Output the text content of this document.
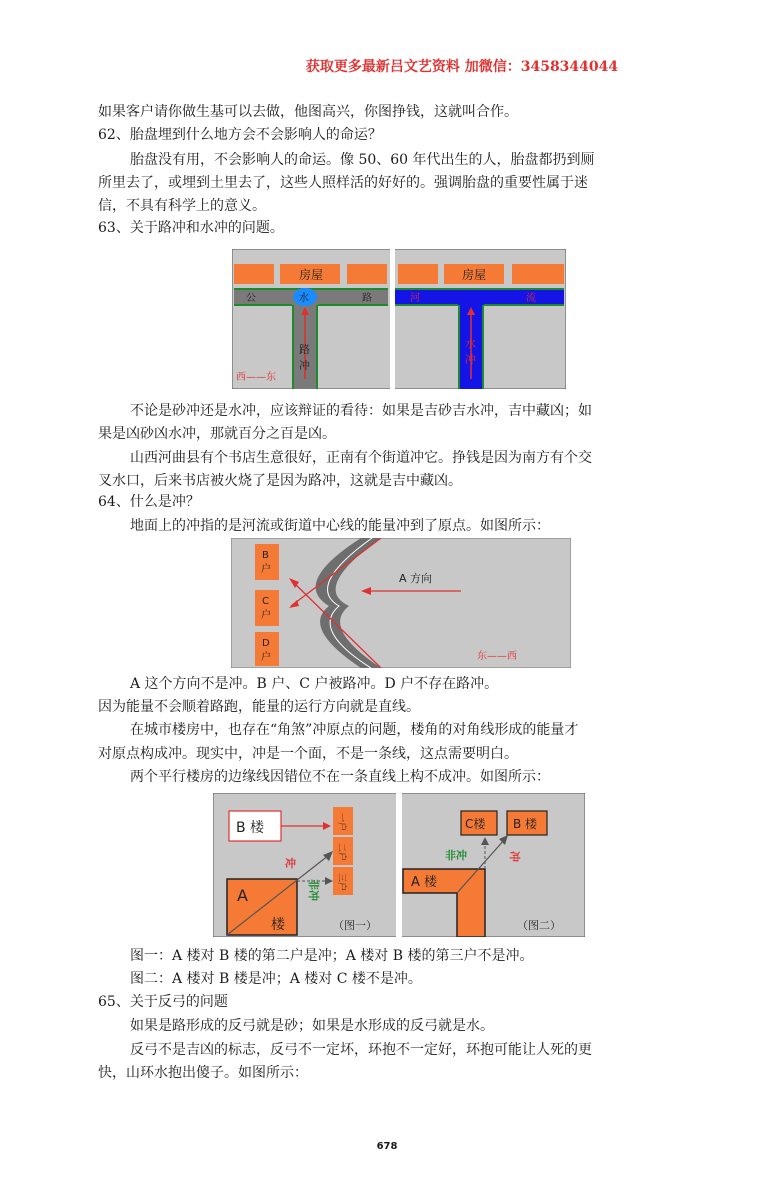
获取更多最新吕文艺资料 加微信：3458344044
如果客户请你做生基可以去做，他图高兴，你图挣钱，这就叫合作。
62、胎盘埋到什么地方会不会影响人的命运？
胎盘没有用，不会影响人的命运。像 50、60 年代出生的人，胎盘都扔到厕
所里去了，或埋到土里去了，这些人照样活的好好的。强调胎盘的重要性属于迷
信，不具有科学上的意义。
63、关于路冲和水冲的问题。
房屋
公	水	路
路
冲
西——东
房屋
河	流
水
冲
不论是砂冲还是水冲，应该辩证的看待：如果是吉砂吉水冲，吉中藏凶；如
果是凶砂凶水冲，那就百分之百是凶。
山西河曲县有个书店生意很好，正南有个街道冲它。挣钱是因为南方有个交
叉水口，后来书店被火烧了是因为路冲，这就是吉中藏凶。
64、什么是冲？
地面上的冲指的是河流或街道中心线的能量冲到了原点。如图所示：
B
户
C
户
D
户
A 方向
东——西
A 这个方向不是冲。B 户、C 户被路冲。D 户不存在路冲。
因为能量不会顺着路跑，能量的运行方向就是直线。
在城市楼房中，也存在“角煞”冲原点的问题，楼角的对角线形成的能量才
对原点构成冲。现实中，冲是一个面，不是一条线，这点需要明白。
两个平行楼房的边缘线因错位不在一条直线上构不成冲。如图所示：
B 楼	一户
二户
三户
冲
非冲
A
楼	（图一）
C楼 B 楼
A 楼
非冲	冲
（图二）
图一：A 楼对 B 楼的第二户是冲；A 楼对 B 楼的第三户不是冲。
图二：A 楼对 B 楼是冲；A 楼对 C 楼不是冲。
65、关于反弓的问题
如果是路形成的反弓就是砂；如果是水形成的反弓就是水。
反弓不是吉凶的标志，反弓不一定坏，环抱不一定好，环抱可能让人死的更
快，山环水抱出傻子。如图所示：
678
